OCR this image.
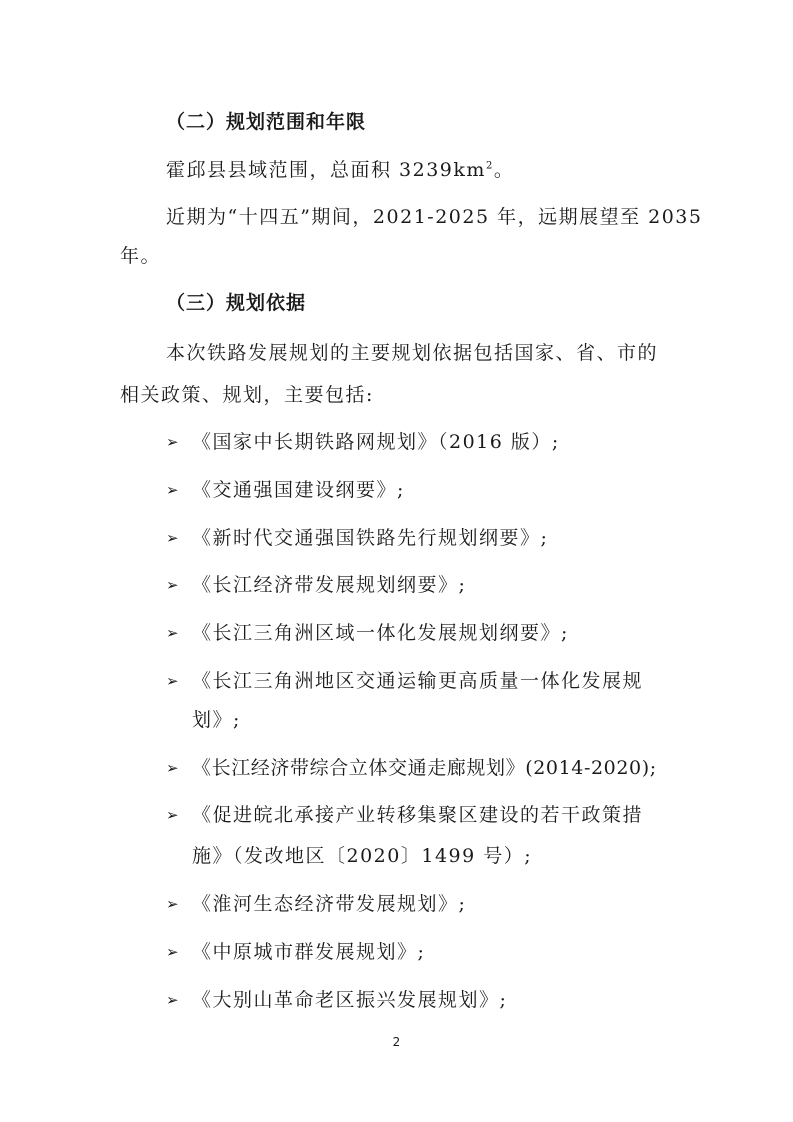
（二）规划范围和年限
霍邱县县域范围，总面积 $3239km^2$。
近期为“十四五”期间，2021-2025 年，远期展望至 2035
年。
（三）规划依据
本次铁路发展规划的主要规划依据包括国家、省、市的
相关政策、规划，主要包括:
➢ 《国家中长期铁路网规划》（2016 版）;
➢ 《交通强国建设纲要》;
➢ 《新时代交通强国铁路先行规划纲要》;
➢ 《长江经济带发展规划纲要》;
➢ 《长江三角洲区域一体化发展规划纲要》;
➢ 《长江三角洲地区交通运输更高质量一体化发展规
划》;
➢ 《长江经济带综合立体交通走廊规划》(2014-2020);
➢ 《促进皖北承接产业转移集聚区建设的若干政策措
施》（发改地区〔2020〕1499 号）;
➢ 《淮河生态经济带发展规划》;
➢ 《中原城市群发展规划》;
➢ 《大别山革命老区振兴发展规划》;
2
